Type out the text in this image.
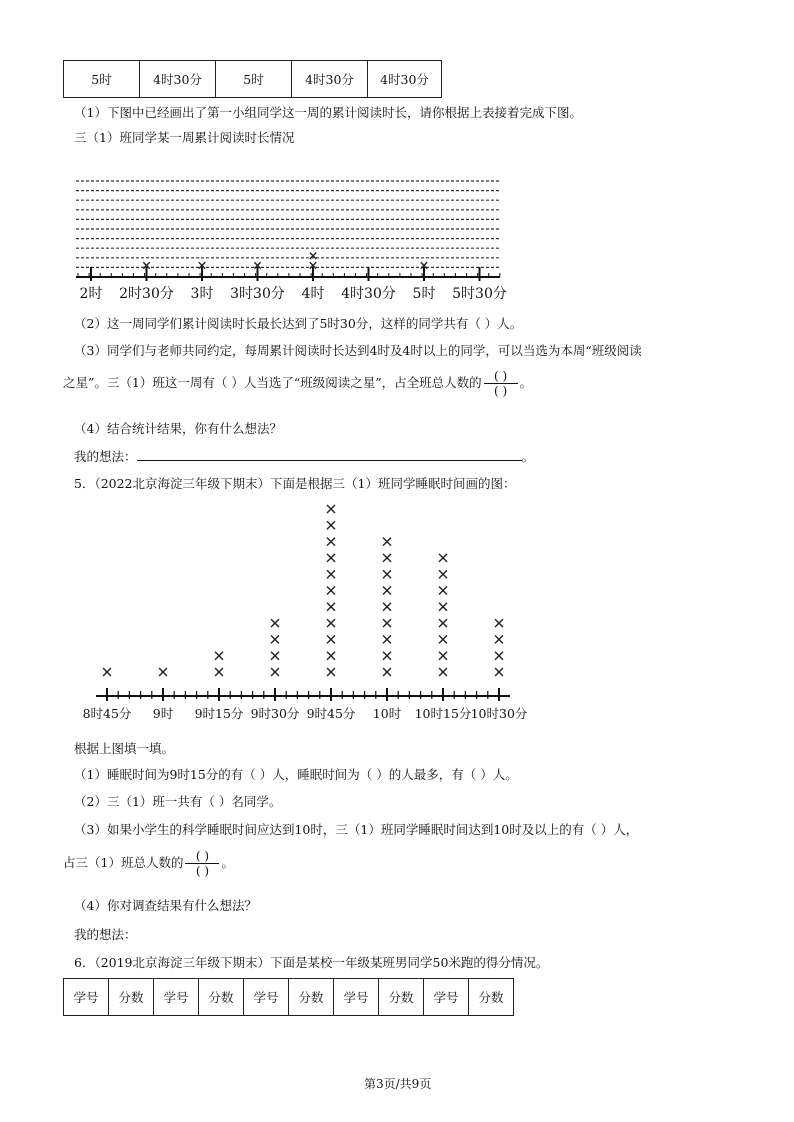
5时	4时30分	5时	4时30分	4时30分
（1）下图中已经画出了第一小组同学这一周的累计阅读时长，请你根据上表接着完成下图。
三（1）班同学某一周累计阅读时长情况
2时 2时30分 3时 3时30分 4时 4时30分 5时 5时30分
（2）这一周同学们累计阅读时长最长达到了5时30分，这样的同学共有（ ）人。
（3）同学们与老师共同约定，每周累计阅读时长达到4时及4时以上的同学，可以当选为本周“班级阅读
之星”。三（1）班这一周有（ ）人当选了“班级阅读之星”，占全班总人数的 $\frac{( )}{( )}$ 。
（4）结合统计结果，你有什么想法？
我的想法：	。
5．（2022北京海淀三年级下期末）下面是根据三（1）班同学睡眠时间画的图：
8时45分 9时 9时15分 9时30分 9时45分 10时 10时15分 10时30分
根据上图填一填。
（1）睡眠时间为9时15分的有（ ）人，睡眠时间为（ ）的人最多，有（ ）人。
（2）三（1）班一共有（ ）名同学。
（3）如果小学生的科学睡眠时间应达到10时，三（1）班同学睡眠时间达到10时及以上的有（ ）人，
占三（1）班总人数的 $\frac{( )}{( )}$ 。
（4）你对调查结果有什么想法？
我的想法：
6．（2019北京海淀三年级下期末）下面是某校一年级某班男同学50米跑的得分情况。
学号	分数	学号	分数	学号	分数	学号	分数	学号	分数
第3页/共9页
